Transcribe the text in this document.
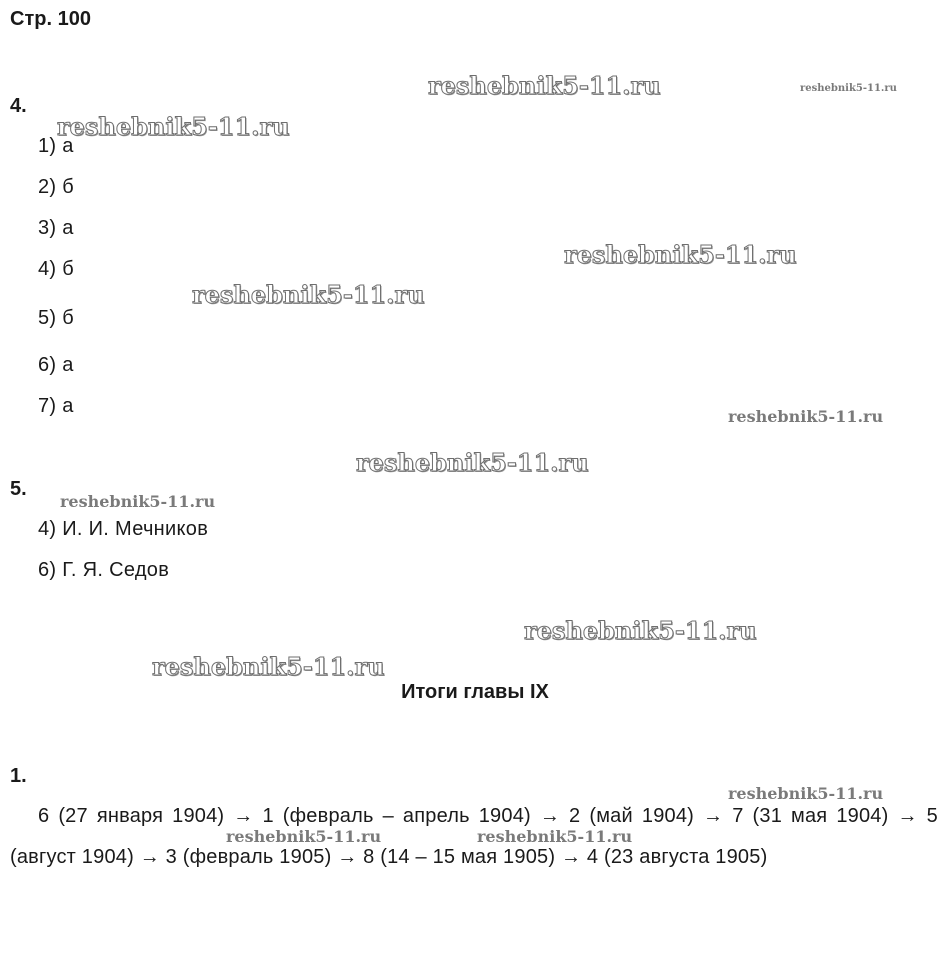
Стр. 100
4.
1) а
2) б
3) а
4) б
5) б
6) а
7) а
5.
4) И. И. Мечников
6) Г. Я. Седов
Итоги главы IX
1.
6 (27 января 1904) → 1 (февраль – апрель 1904) → 2 (май 1904) → 7 (31 мая 1904) → 5 (август 1904) → 3 (февраль 1905) → 8 (14 – 15 мая 1905) → 4 (23 августа 1905)
reshebnik5-11.ru	reshebnik5-11.ru
reshebnik5-11.ru
reshebnik5-11.ru
reshebnik5-11.ru
reshebnik5-11.ru
reshebnik5-11.ru
reshebnik5-11.ru
reshebnik5-11.ru
reshebnik5-11.ru
reshebnik5-11.ru
reshebnik5-11.ru	reshebnik5-11.ru
